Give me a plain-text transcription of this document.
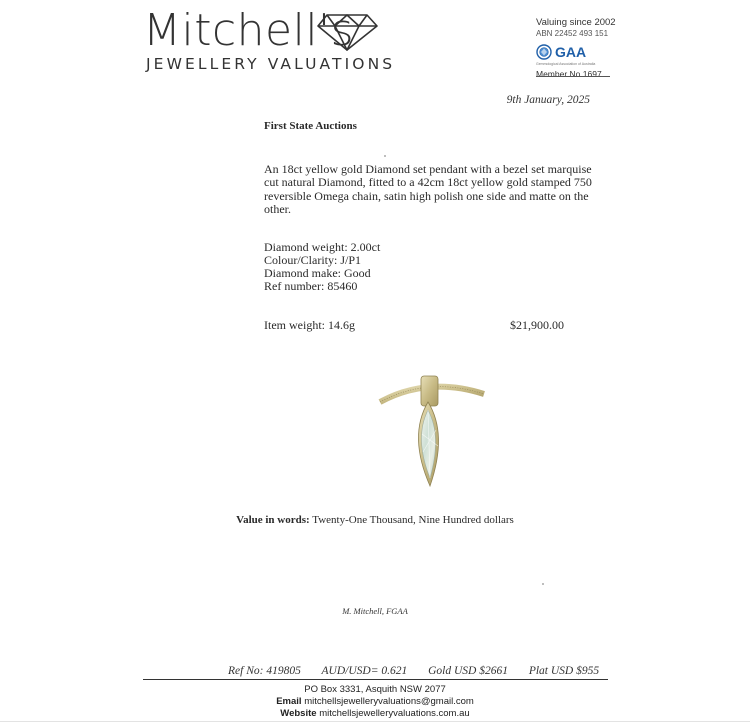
Mitchell's
JEWELLERY VALUATIONS
Valuing since 2002
ABN 22452 493 151
GAA
Gemmological Association of Australia
Member No 1697
9th January, 2025
First State Auctions
An 18ct yellow gold Diamond set pendant with a bezel set marquise cut natural Diamond, fitted to a 42cm 18ct yellow gold stamped 750 reversible Omega chain, satin high polish one side and matte on the other.
Diamond weight: 2.00ct
Colour/Clarity: J/P1
Diamond make: Good
Ref number: 85460
Item weight: 14.6g	$21,900.00
Value in words: Twenty-One Thousand, Nine Hundred dollars
M. Mitchell, FGAA
Ref No: 419805 AUD/USD= 0.621 Gold USD $2661 Plat USD $955
PO Box 3331, Asquith NSW 2077
Email mitchellsjewelleryvaluations@gmail.com
Website mitchellsjewelleryvaluations.com.au
